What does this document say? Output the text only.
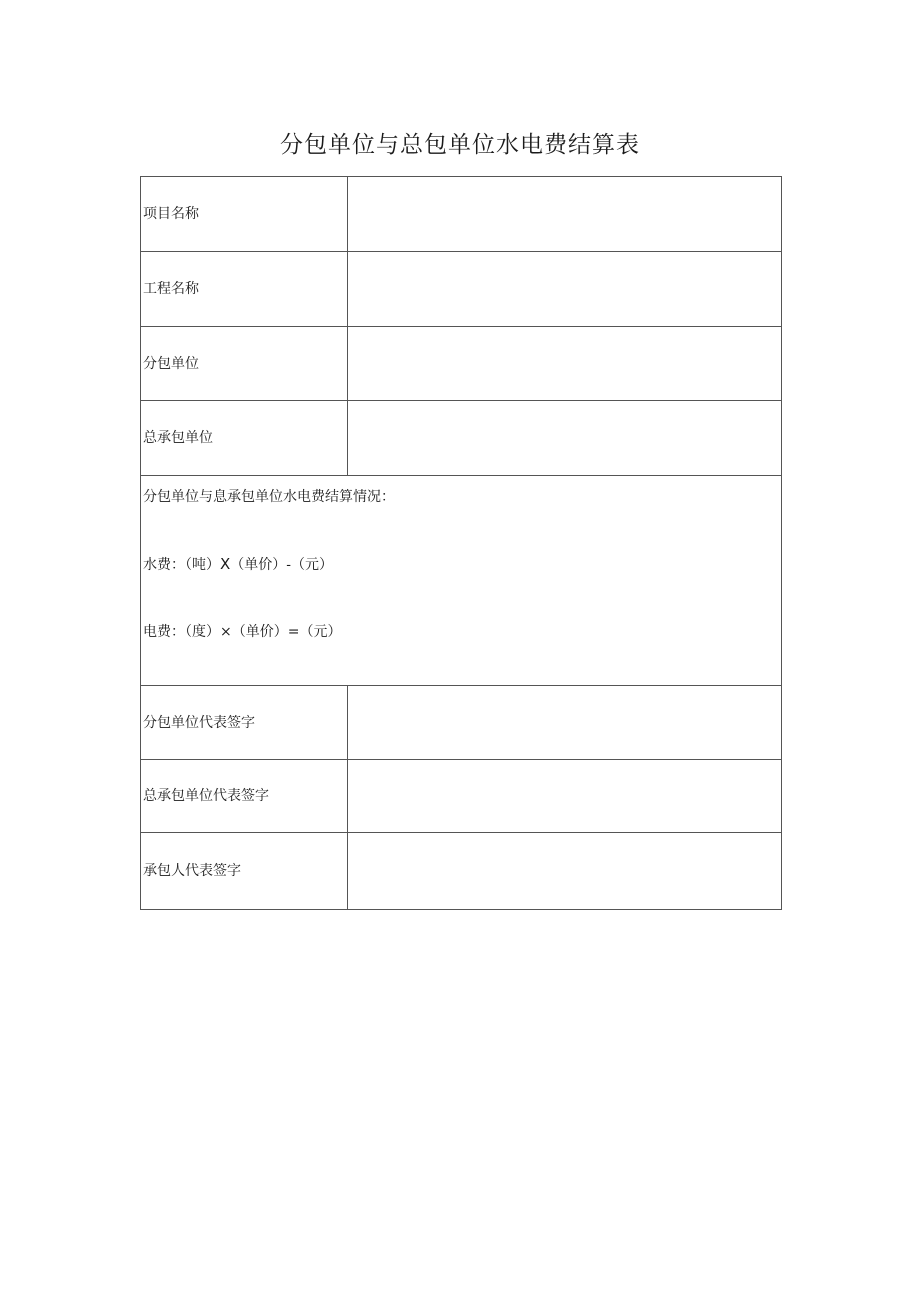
分包单位与总包单位水电费结算表
项目名称	
工程名称	
分包单位	
总承包单位	

分包单位与息承包单位水电费结算情况：
水费：（吨）X（单价）-（元）
电费：（度）×（单价）=（元）	

分包单位代表签字	
总承包单位代表签字	
承包人代表签字	
